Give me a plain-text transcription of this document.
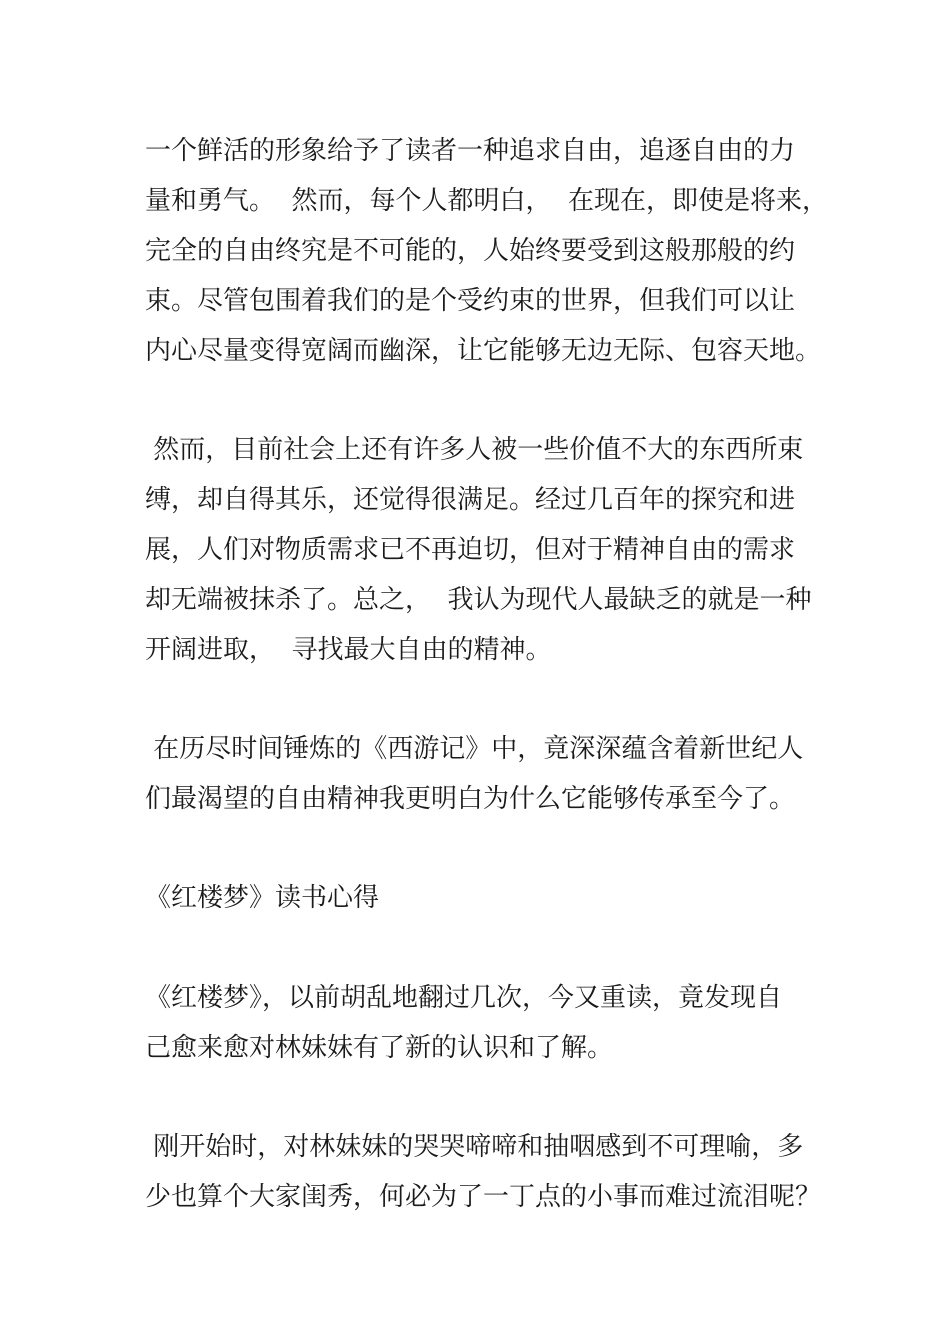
一个鲜活的形象给予了读者一种追求自由，追逐自由的力
量和勇气。  然而，每个人都明白，  在现在，即使是将来，
完全的自由终究是不可能的，人始终要受到这般那般的约
束。尽管包围着我们的是个受约束的世界，但我们可以让
内心尽量变得宽阔而幽深，让它能够无边无际、包容天地。
然而，目前社会上还有许多人被一些价值不大的东西所束
缚，却自得其乐，还觉得很满足。经过几百年的探究和进
展，人们对物质需求已不再迫切，但对于精神自由的需求
却无端被抹杀了。总之，  我认为现代人最缺乏的就是一种
开阔进取，  寻找最大自由的精神。
在历尽时间锤炼的《西游记》中，竟深深蕴含着新世纪人
们最渴望的自由精神我更明白为什么它能够传承至今了。
《红楼梦》读书心得
《红楼梦》，以前胡乱地翻过几次，今又重读，竟发现自
己愈来愈对林妹妹有了新的认识和了解。
刚开始时，对林妹妹的哭哭啼啼和抽咽感到不可理喻，多
少也算个大家闺秀，何必为了一丁点的小事而难过流泪呢？
